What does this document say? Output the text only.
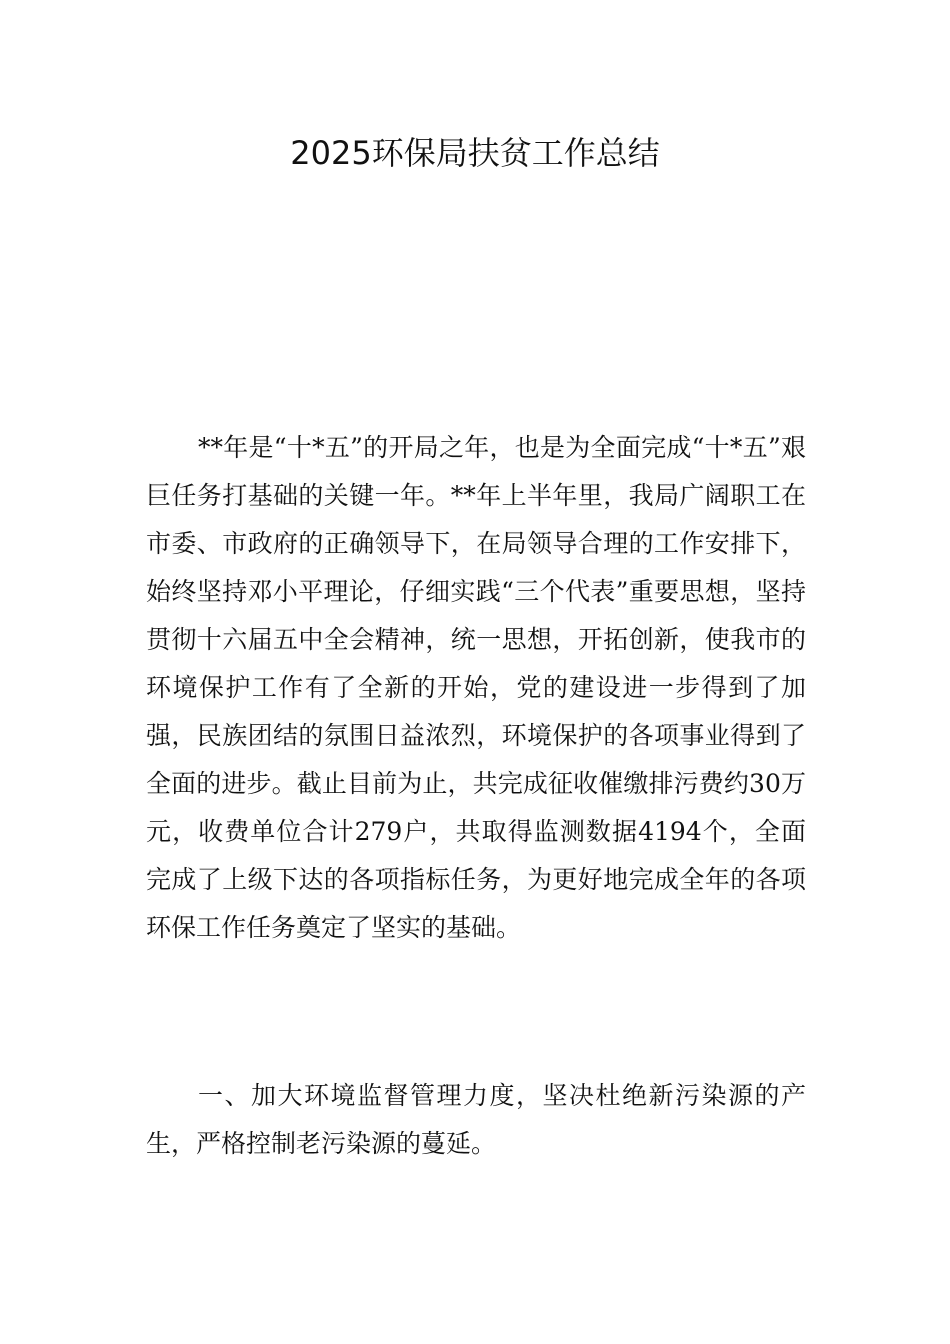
2025环保局扶贫工作总结

**年是“十*五”的开局之年，也是为全面完成“十*五”艰巨任务打基础的关键一年。**年上半年里，我局广阔职工在市委、市政府的正确领导下，在局领导合理的工作安排下，始终坚持邓小平理论，仔细实践“三个代表”重要思想，坚持贯彻十六届五中全会精神，统一思想，开拓创新，使我市的环境保护工作有了全新的开始，党的建设进一步得到了加强，民族团结的氛围日益浓烈，环境保护的各项事业得到了全面的进步。截止目前为止，共完成征收催缴排污费约30万元，收费单位合计279户，共取得监测数据4194个，全面完成了上级下达的各项指标任务，为更好地完成全年的各项环保工作任务奠定了坚实的基础。

一、加大环境监督管理力度，坚决杜绝新污染源的产生，严格控制老污染源的蔓延。
